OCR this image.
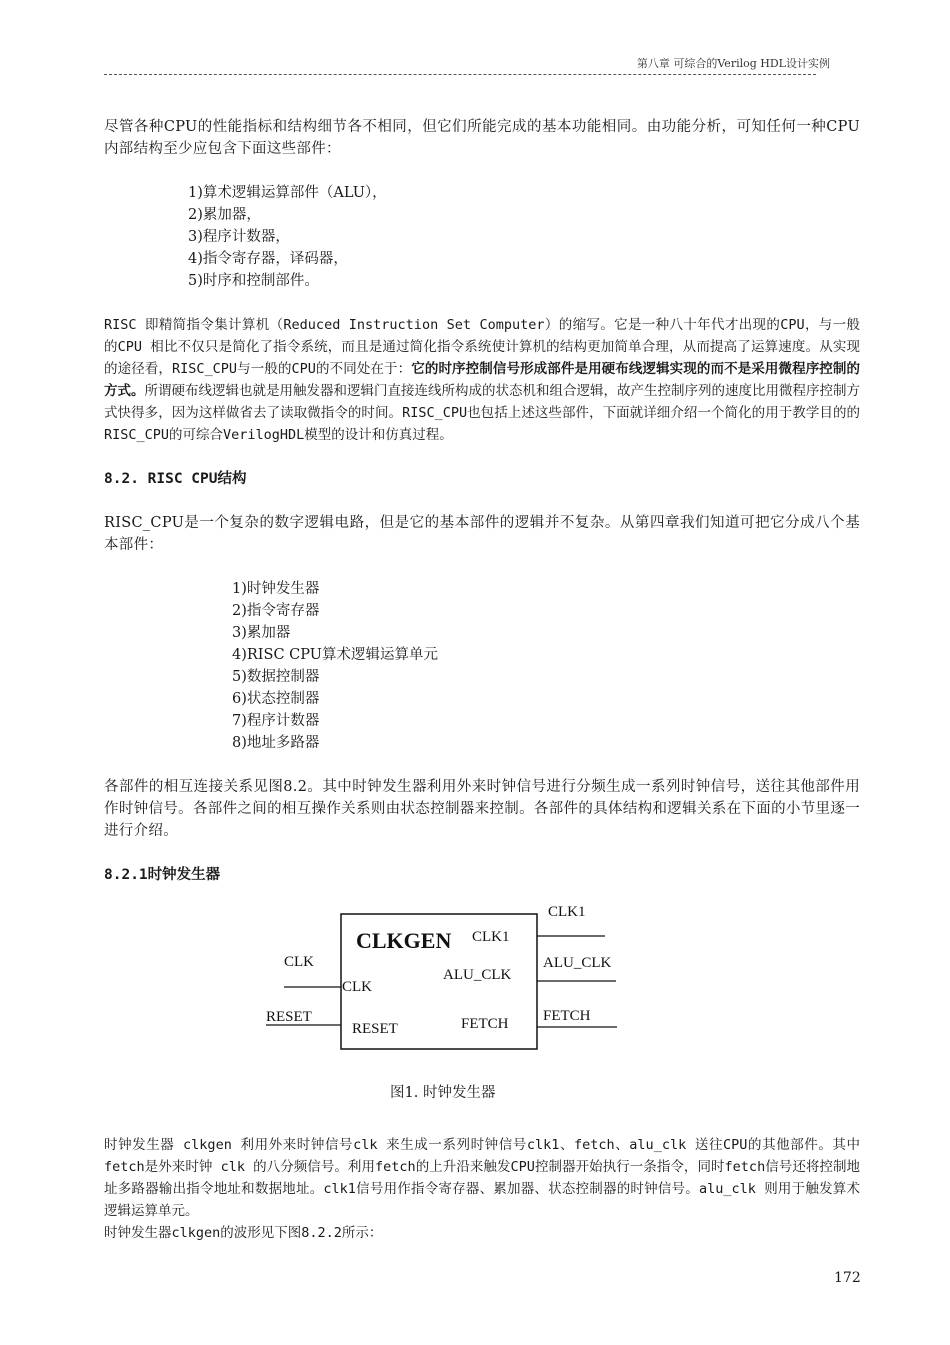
第八章 可综合的Verilog HDL设计实例

尽管各种CPU的性能指标和结构细节各不相同，但它们所能完成的基本功能相同。由功能分析，可知任何一种CPU内部结构至少应包含下面这些部件：

1)算术逻辑运算部件（ALU），
2)累加器，
3)程序计数器，
4)指令寄存器，译码器，
5)时序和控制部件。

RISC 即精简指令集计算机（Reduced Instruction Set Computer）的缩写。它是一种八十年代才出现的CPU，与一般的CPU 相比不仅只是简化了指令系统，而且是通过简化指令系统使计算机的结构更加简单合理，从而提高了运算速度。从实现的途径看，RISC_CPU与一般的CPU的不同处在于：它的时序控制信号形成部件是用硬布线逻辑实现的而不是采用微程序控制的方式。所谓硬布线逻辑也就是用触发器和逻辑门直接连线所构成的状态机和组合逻辑，故产生控制序列的速度比用微程序控制方式快得多，因为这样做省去了读取微指令的时间。RISC_CPU也包括上述这些部件，下面就详细介绍一个简化的用于教学目的的RISC_CPU的可综合VerilogHDL模型的设计和仿真过程。

8.2. RISC CPU结构

RISC_CPU是一个复杂的数字逻辑电路，但是它的基本部件的逻辑并不复杂。从第四章我们知道可把它分成八个基本部件：

1)时钟发生器
2)指令寄存器
3)累加器
4)RISC CPU算术逻辑运算单元
5)数据控制器
6)状态控制器
7)程序计数器
8)地址多路器

各部件的相互连接关系见图8.2。其中时钟发生器利用外来时钟信号进行分频生成一系列时钟信号，送往其他部件用作时钟信号。各部件之间的相互操作关系则由状态控制器来控制。各部件的具体结构和逻辑关系在下面的小节里逐一进行介绍。

8.2.1时钟发生器
CLKGEN
CLK
CLK
RESET
RESET
CLK1
CLK1
ALU_CLK
ALU_CLK
FETCH FETCH
图1. 时钟发生器

时钟发生器 clkgen 利用外来时钟信号clk 来生成一系列时钟信号clk1、fetch、alu_clk 送往CPU的其他部件。其中fetch是外来时钟 clk 的八分频信号。利用fetch的上升沿来触发CPU控制器开始执行一条指令，同时fetch信号还将控制地址多路器输出指令地址和数据地址。clk1信号用作指令寄存器、累加器、状态控制器的时钟信号。alu_clk 则用于触发算术逻辑运算单元。

时钟发生器clkgen的波形见下图8.2.2所示：

172
